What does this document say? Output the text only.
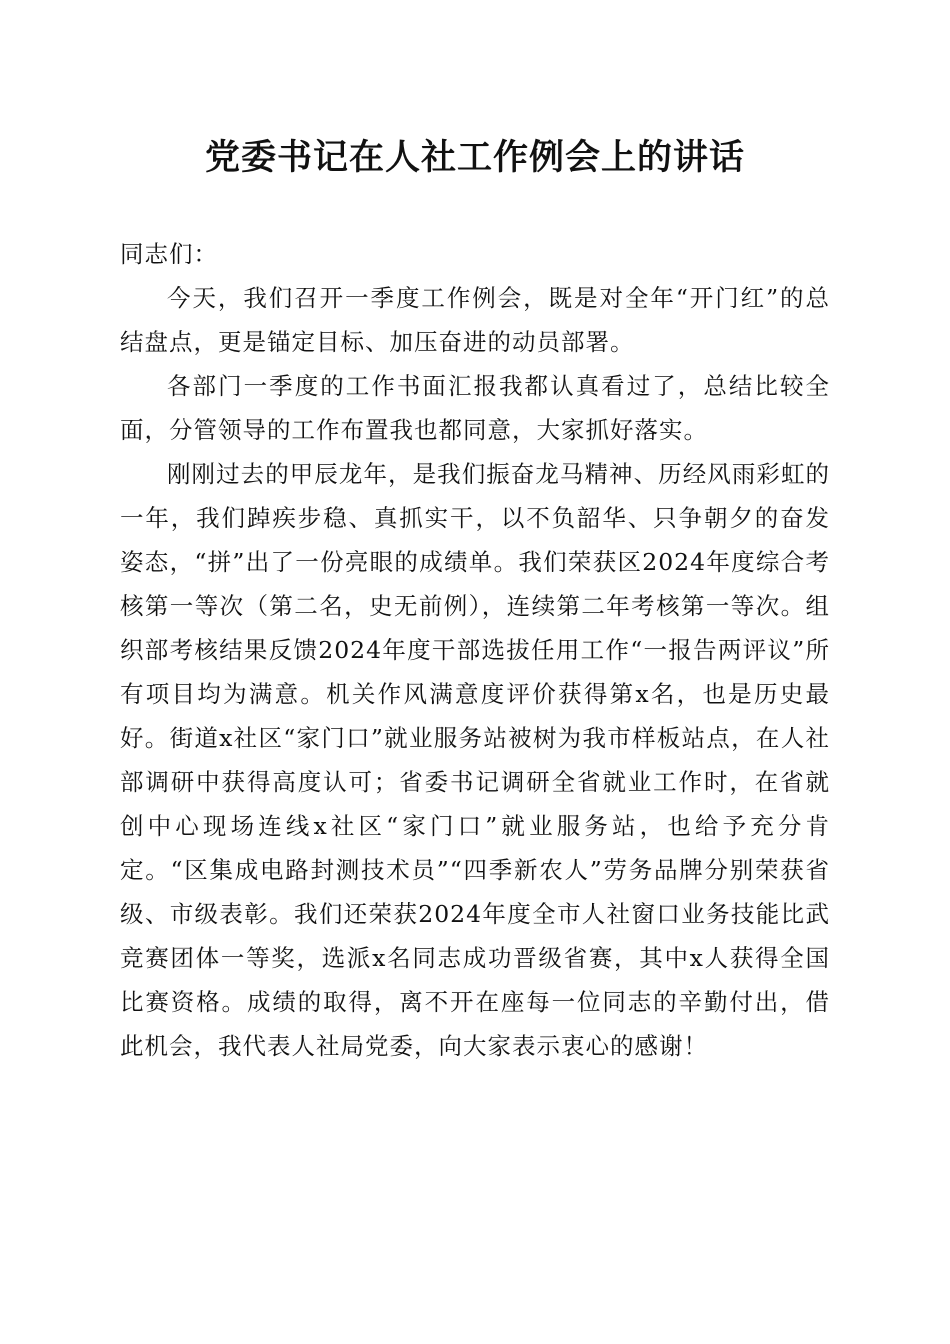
党委书记在人社工作例会上的讲话

同志们：

今天，我们召开一季度工作例会，既是对全年“开门红”的总结盘点，更是锚定目标、加压奋进的动员部署。

各部门一季度的工作书面汇报我都认真看过了，总结比较全面，分管领导的工作布置我也都同意，大家抓好落实。

刚刚过去的甲辰龙年，是我们振奋龙马精神、历经风雨彩虹的一年，我们踔疾步稳、真抓实干，以不负韶华、只争朝夕的奋发姿态，“拼”出了一份亮眼的成绩单。我们荣获区2024年度综合考核第一等次（第二名，史无前例），连续第二年考核第一等次。组织部考核结果反馈2024年度干部选拔任用工作“一报告两评议”所有项目均为满意。机关作风满意度评价获得第x名，也是历史最好。街道x社区“家门口”就业服务站被树为我市样板站点，在人社部调研中获得高度认可；省委书记调研全省就业工作时，在省就创中心现场连线x社区“家门口”就业服务站，也给予充分肯定。“区集成电路封测技术员”“四季新农人”劳务品牌分别荣获省级、市级表彰。我们还荣获2024年度全市人社窗口业务技能比武竞赛团体一等奖，选派x名同志成功晋级省赛，其中x人获得全国比赛资格。成绩的取得，离不开在座每一位同志的辛勤付出，借此机会，我代表人社局党委，向大家表示衷心的感谢！
